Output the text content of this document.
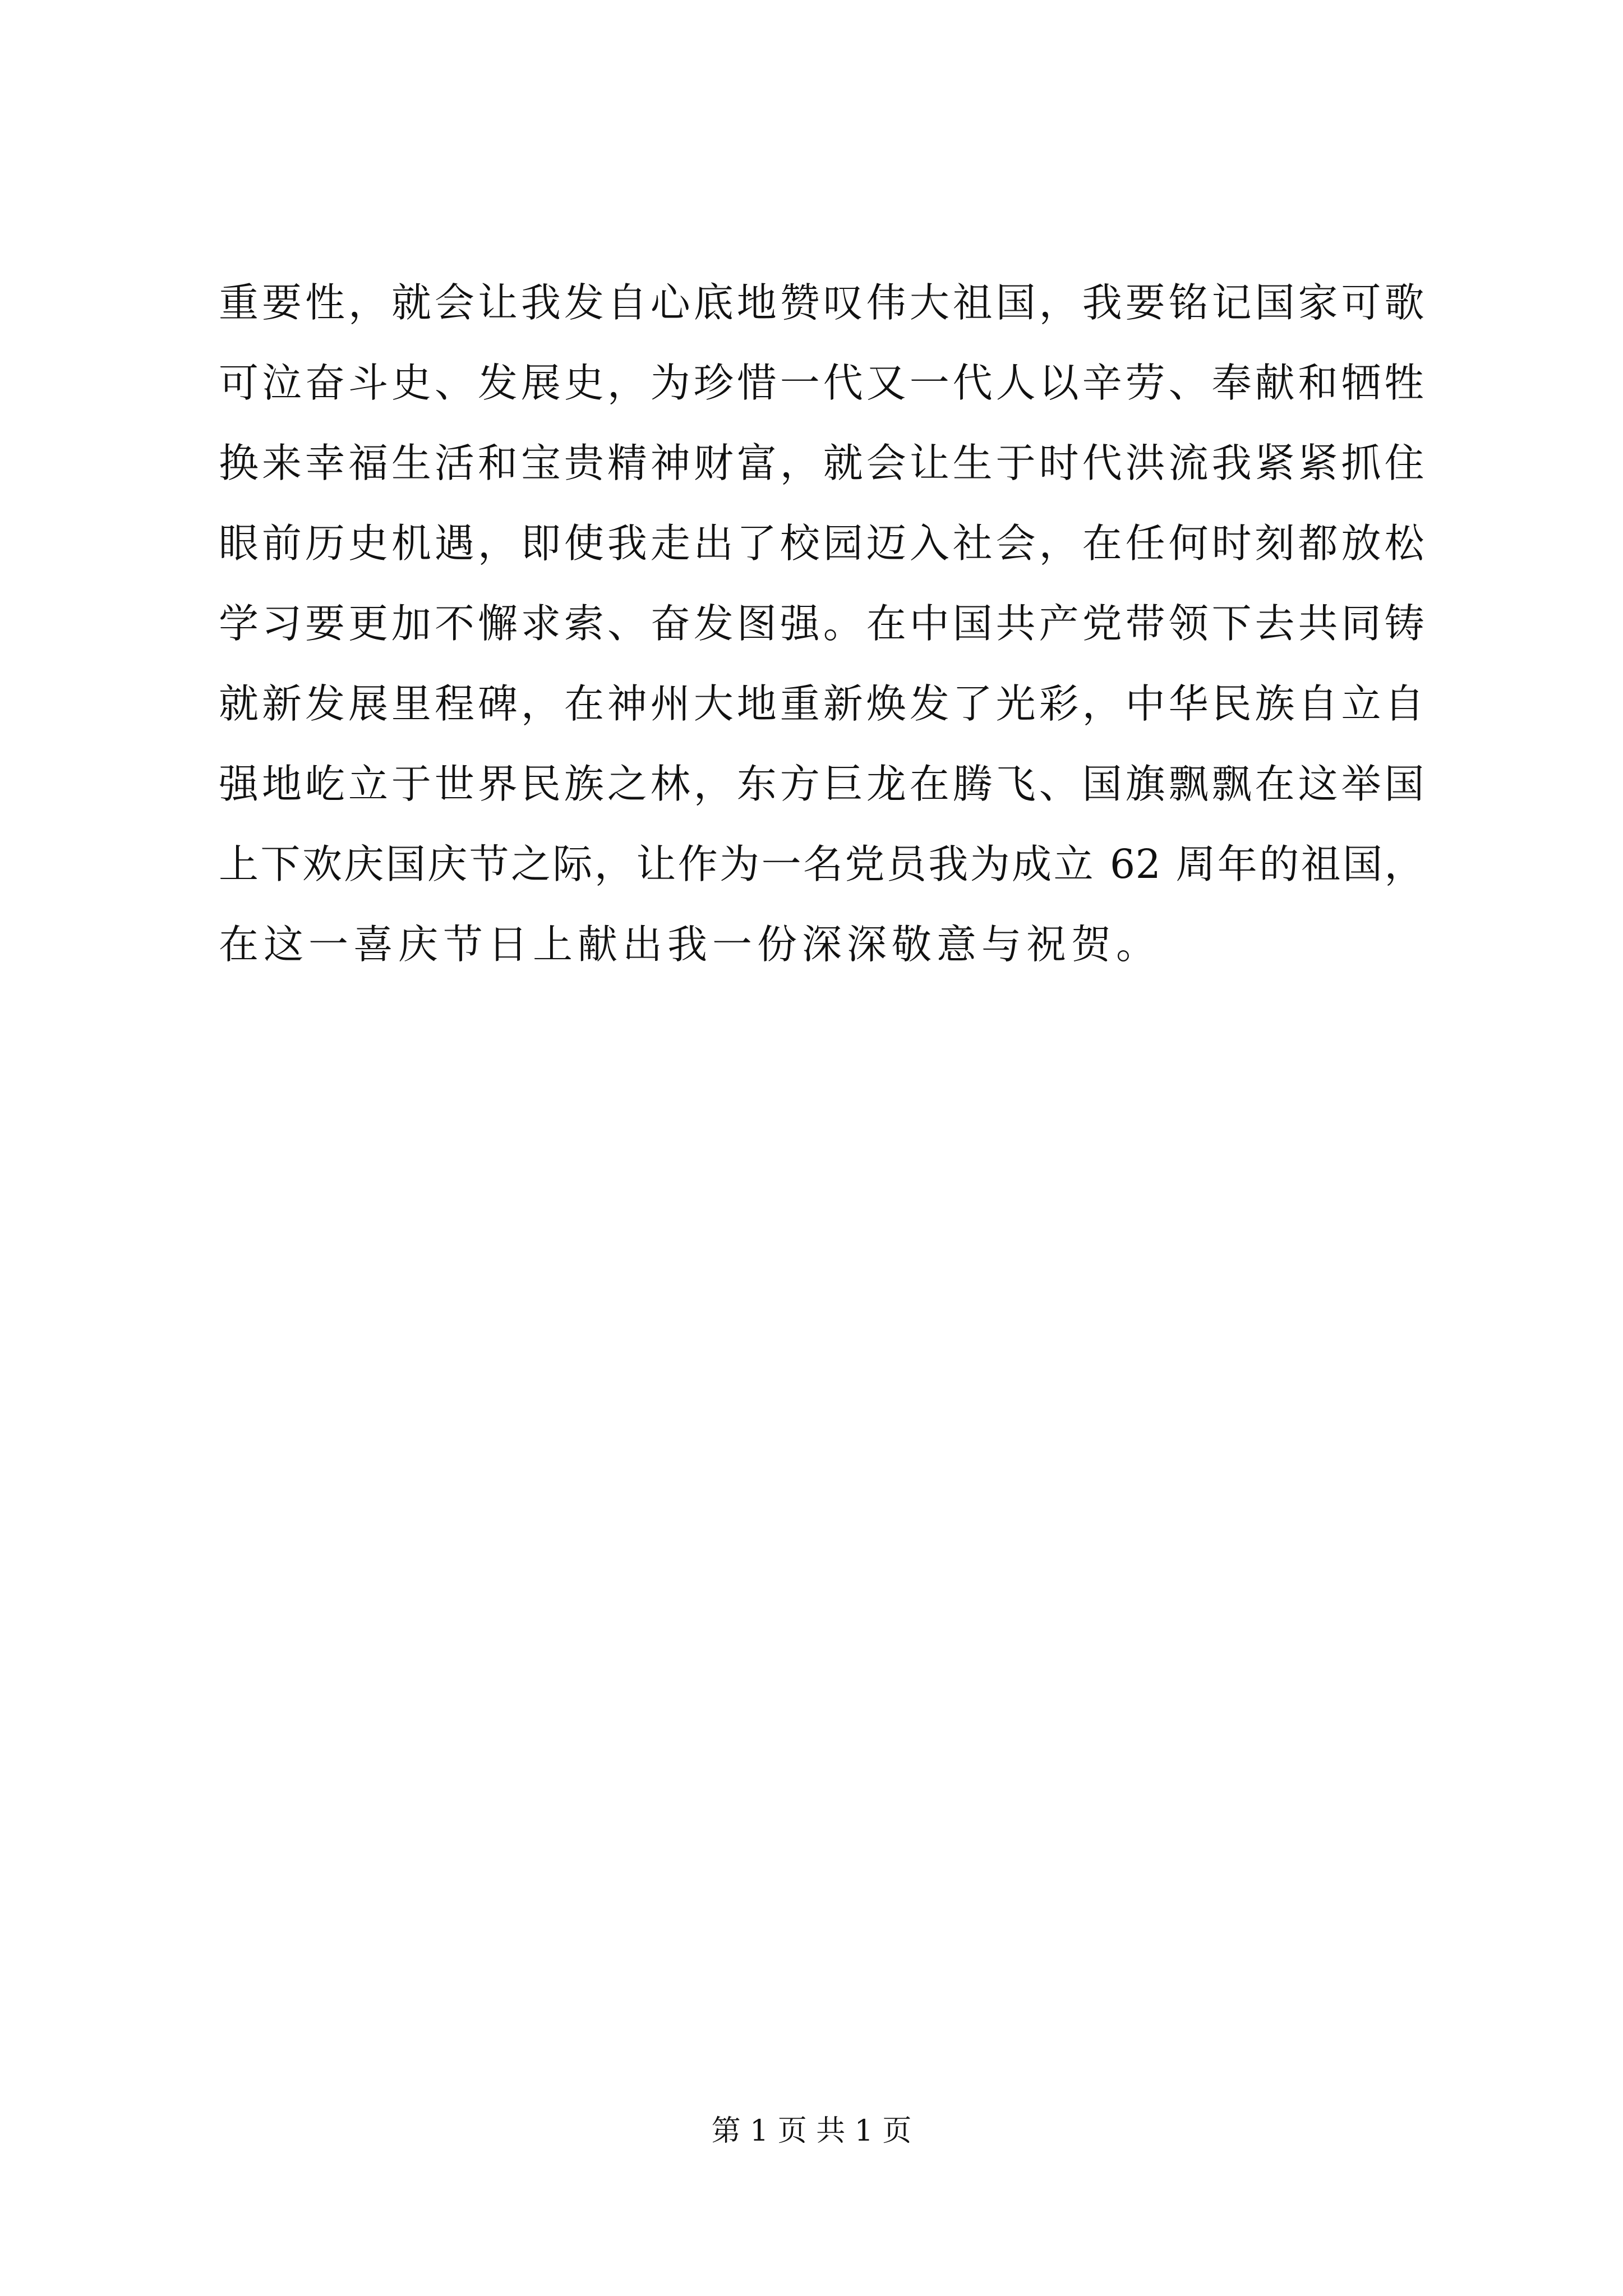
重要性，就会让我发自心底地赞叹伟大祖国，我要铭记国家可歌
可泣奋斗史、发展史，为珍惜一代又一代人以辛劳、奉献和牺牲
换来幸福生活和宝贵精神财富，就会让生于时代洪流我紧紧抓住
眼前历史机遇，即使我走出了校园迈入社会，在任何时刻都放松
学习要更加不懈求索、奋发图强。在中国共产党带领下去共同铸
就新发展里程碑，在神州大地重新焕发了光彩，中华民族自立自
强地屹立于世界民族之林，东方巨龙在腾飞、国旗飘飘在这举国
上下欢庆国庆节之际，让作为一名党员我为成立 62 周年的祖国，
在这一喜庆节日上献出我一份深深敬意与祝贺。
第 1 页 共 1 页
